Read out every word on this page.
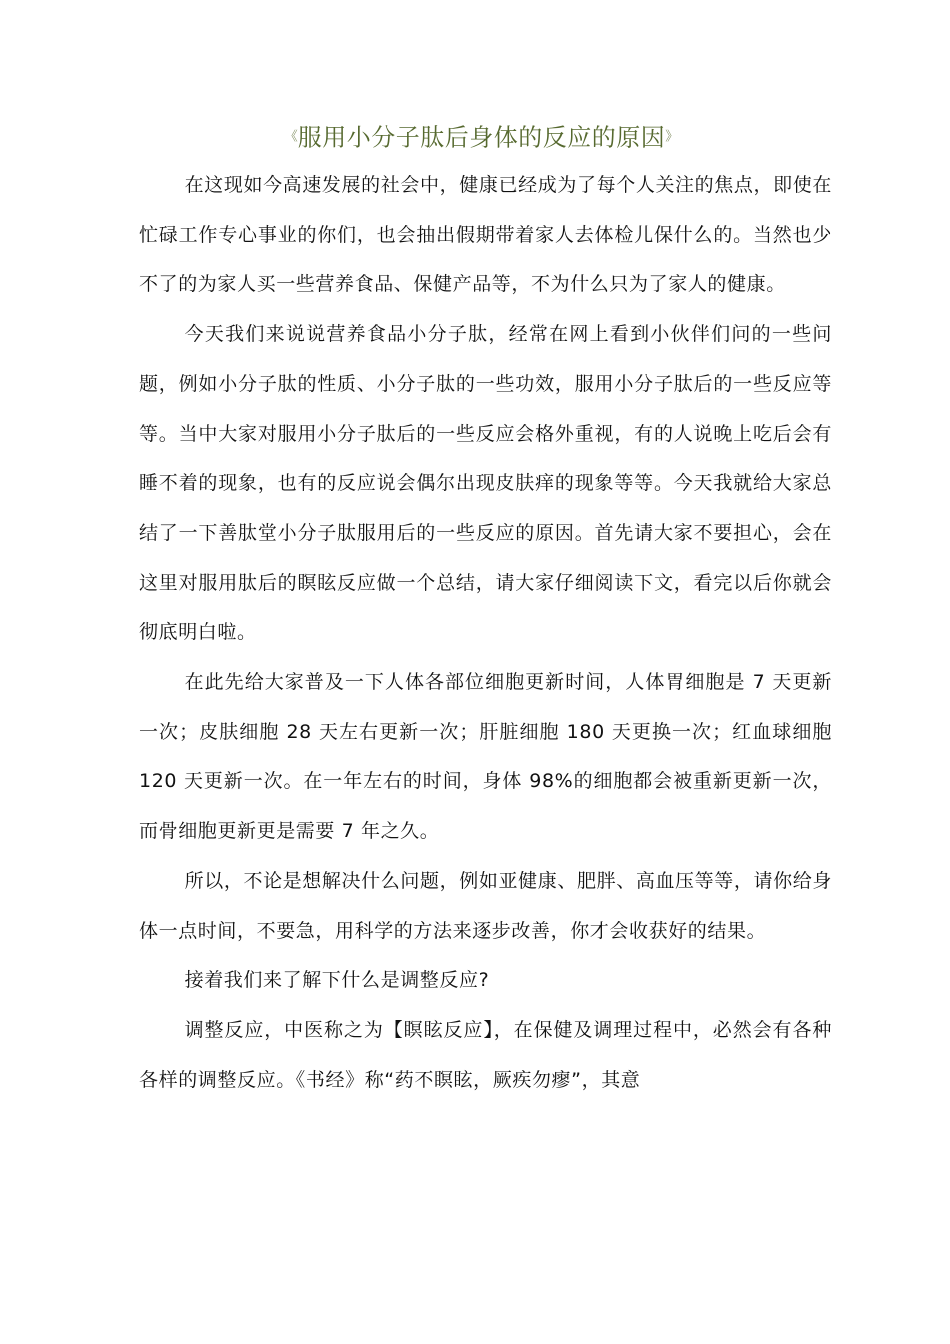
《服用小分子肽后身体的反应的原因》

在这现如今高速发展的社会中，健康已经成为了每个人关注的焦点，即使在忙碌工作专心事业的你们，也会抽出假期带着家人去体检儿保什么的。当然也少不了的为家人买一些营养食品、保健产品等，不为什么只为了家人的健康。

今天我们来说说营养食品小分子肽，经常在网上看到小伙伴们问的一些问题，例如小分子肽的性质、小分子肽的一些功效，服用小分子肽后的一些反应等等。当中大家对服用小分子肽后的一些反应会格外重视，有的人说晚上吃后会有睡不着的现象，也有的反应说会偶尔出现皮肤痒的现象等等。今天我就给大家总结了一下善肽堂小分子肽服用后的一些反应的原因。首先请大家不要担心，会在这里对服用肽后的瞑眩反应做一个总结，请大家仔细阅读下文，看完以后你就会彻底明白啦。

在此先给大家普及一下人体各部位细胞更新时间，人体胃细胞是 7 天更新一次；皮肤细胞 28 天左右更新一次；肝脏细胞 180 天更换一次；红血球细胞 120 天更新一次。在一年左右的时间，身体 98%的细胞都会被重新更新一次，而骨细胞更新更是需要 7 年之久。

所以，不论是想解决什么问题，例如亚健康、肥胖、高血压等等，请你给身体一点时间，不要急，用科学的方法来逐步改善，你才会收获好的结果。

接着我们来了解下什么是调整反应?

调整反应，中医称之为【瞑眩反应】，在保健及调理过程中，必然会有各种各样的调整反应。《书经》称“药不瞑眩，厥疾勿瘳”，其意
